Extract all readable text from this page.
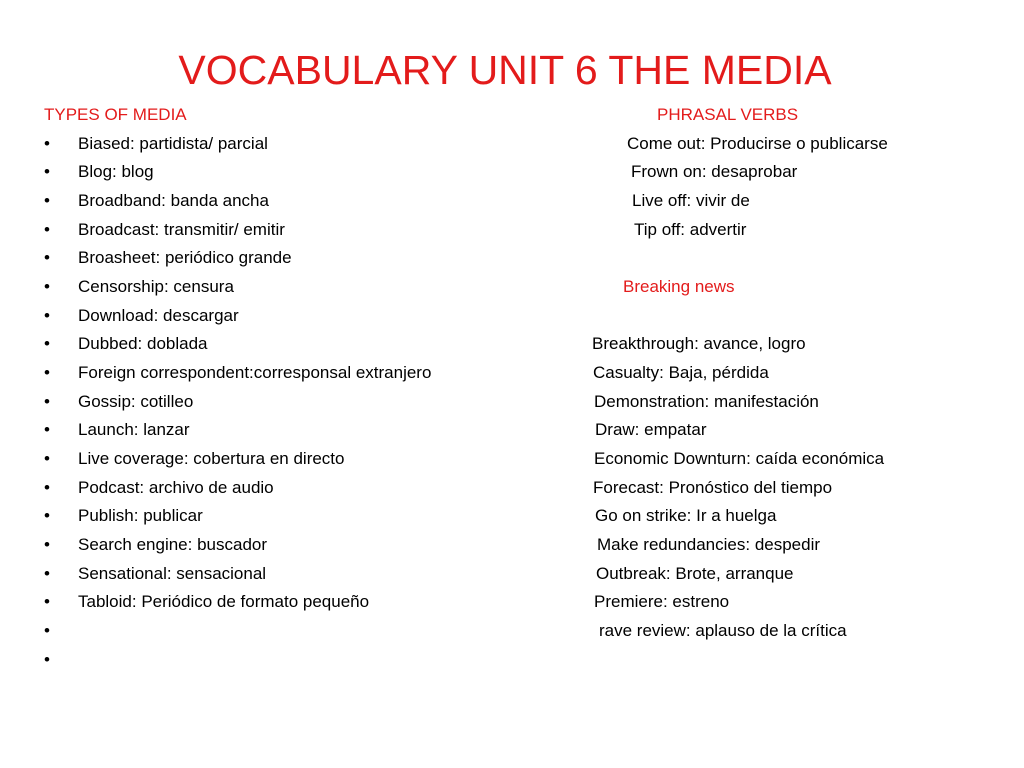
VOCABULARY UNIT 6 THE MEDIA
TYPES OF MEDIA	PHRASAL VERBS
• Biased: partidista/ parcial
• Blog: blog
• Broadband: banda ancha
• Broadcast: transmitir/ emitir
• Broasheet: periódico grande
• Censorship: censura
• Download: descargar
• Dubbed: doblada
• Foreign correspondent:corresponsal extranjero
• Gossip: cotilleo
• Launch: lanzar
• Live coverage: cobertura en directo
• Podcast: archivo de audio
• Publish: publicar
• Search engine: buscador
• Sensational: sensacional
• Tabloid: Periódico de formato pequeño
•
•
Come out: Producirse o publicarse
Frown on: desaprobar
Live off: vivir de
Tip off: advertir
Breaking news
Breakthrough: avance, logro
Casualty: Baja, pérdida
Demonstration: manifestación
Draw: empatar
Economic Downturn: caída económica
Forecast: Pronóstico del tiempo
Go on strike: Ir a huelga
Make redundancies: despedir
Outbreak: Brote, arranque
Premiere: estreno
rave review: aplauso de la crítica
